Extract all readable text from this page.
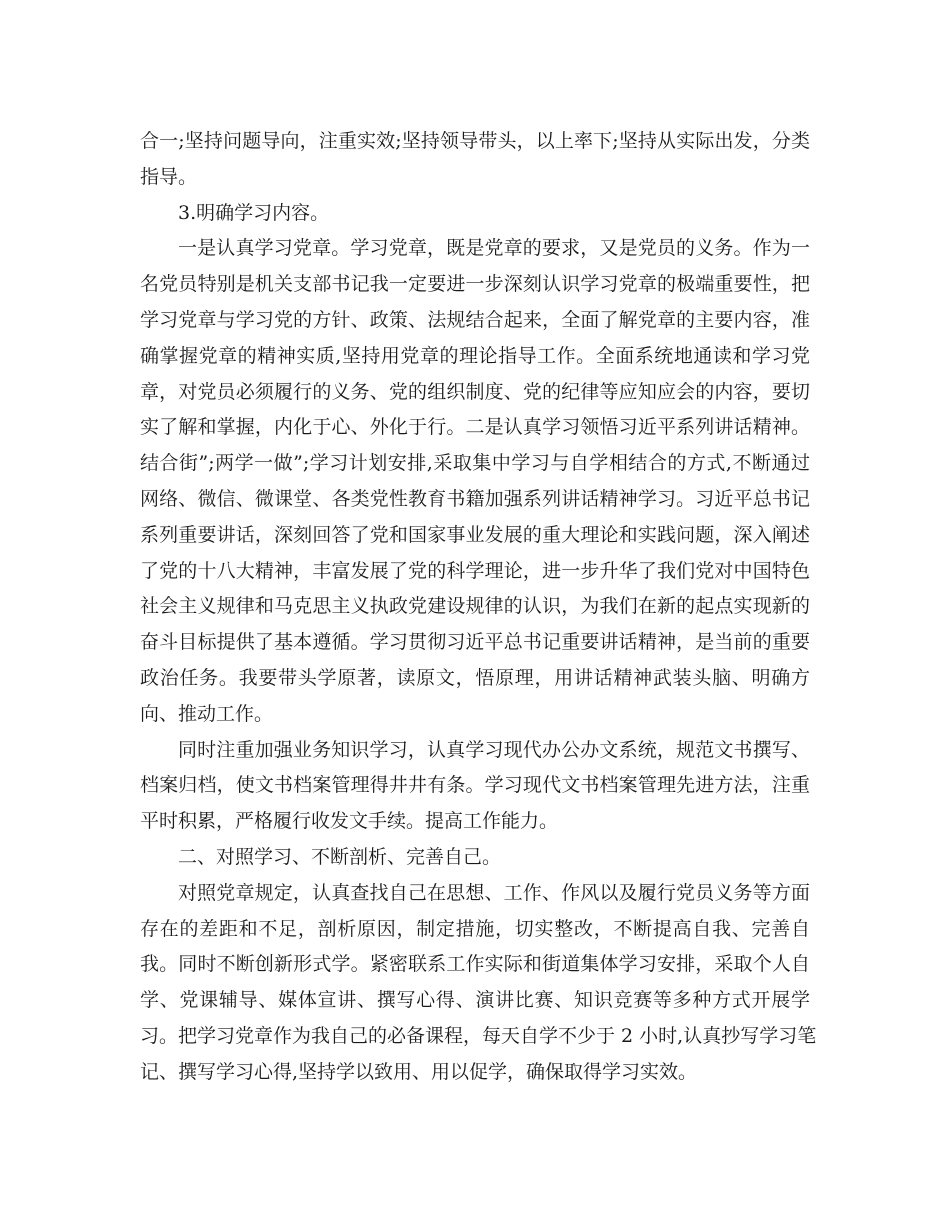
合一;坚持问题导向，注重实效;坚持领导带头，以上率下;坚持从实际出发，分类
指导。
3.明确学习内容。
一是认真学习党章。学习党章，既是党章的要求，又是党员的义务。作为一
名党员特别是机关支部书记我一定要进一步深刻认识学习党章的极端重要性，把
学习党章与学习党的方针、政策、法规结合起来，全面了解党章的主要内容，准
确掌握党章的精神实质,坚持用党章的理论指导工作。全面系统地通读和学习党
章，对党员必须履行的义务、党的组织制度、党的纪律等应知应会的内容，要切
实了解和掌握，内化于心、外化于行。二是认真学习领悟习近平系列讲话精神。
结合街”;两学一做”;学习计划安排,采取集中学习与自学相结合的方式,不断通过
网络、微信、微课堂、各类党性教育书籍加强系列讲话精神学习。习近平总书记
系列重要讲话，深刻回答了党和国家事业发展的重大理论和实践问题，深入阐述
了党的十八大精神，丰富发展了党的科学理论，进一步升华了我们党对中国特色
社会主义规律和马克思主义执政党建设规律的认识，为我们在新的起点实现新的
奋斗目标提供了基本遵循。学习贯彻习近平总书记重要讲话精神，是当前的重要
政治任务。我要带头学原著，读原文，悟原理，用讲话精神武装头脑、明确方
向、推动工作。
同时注重加强业务知识学习，认真学习现代办公办文系统，规范文书撰写、
档案归档，使文书档案管理得井井有条。学习现代文书档案管理先进方法，注重
平时积累，严格履行收发文手续。提高工作能力。
二、对照学习、不断剖析、完善自己。
对照党章规定，认真查找自己在思想、工作、作风以及履行党员义务等方面
存在的差距和不足，剖析原因，制定措施，切实整改，不断提高自我、完善自
我。同时不断创新形式学。紧密联系工作实际和街道集体学习安排，采取个人自
学、党课辅导、媒体宣讲、撰写心得、演讲比赛、知识竞赛等多种方式开展学
习。把学习党章作为我自己的必备课程，每天自学不少于 2 小时,认真抄写学习笔
记、撰写学习心得,坚持学以致用、用以促学，确保取得学习实效。
